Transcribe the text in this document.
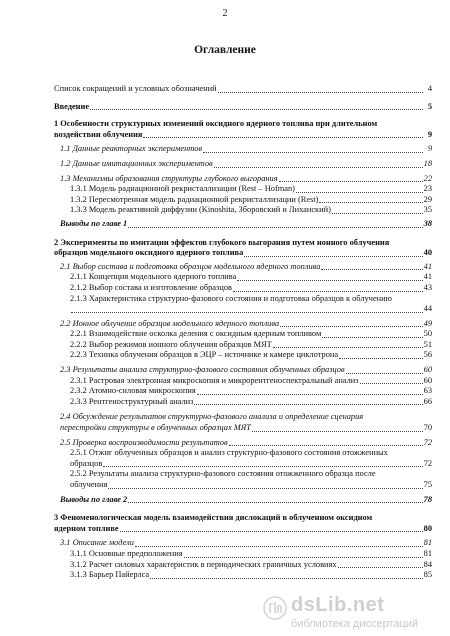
2
Оглавление
Список сокращений и условных обозначений	4
Введение	5
1 Особенности структурных изменений оксидного ядерного топлива при длительном
воздействии облучения	9
1.1 Данные реакторных экспериментов	9
1.2 Данные имитационных экспериментов	18
1.3 Механизмы образования структуры глубокого выгорания	22
1.3.1 Модель радиационной рекристаллизации (Rest – Hofman)	23
1.3.2 Пересмотренная модель радиационной рекристаллизации (Rest)	29
1.3.3 Модель реактивной диффузии (Kinoshita, Зборовский и Лиханский)	35
Выводы по главе 1	38
2 Эксперименты по имитации эффектов глубокого выгорания путем ионного облучения
образцов модельного оксидного ядерного топлива	40
2.1 Выбор состава и подготовка образцов модельного ядерного топлива	41
2.1.1 Концепция модельного ядерного топлива	41
2.1.2 Выбор состава и изготовление образцов	43
2.1.3 Характеристика структурно-фазового состояния и подготовка образцов к облучению
44
2.2 Ионное облучение образцов модельного ядерного топлива	49
2.2.1 Взаимодействие осколка деления с оксидным ядерным топливом	50
2.2.2 Выбор режимов ионного облучения образцов МЯТ	51
2.2.3 Техника облучения образцов в ЭЦР – источнике и камере циклотрона	56
2.3 Результаты анализа структурно-фазового состояния облученных образцов	60
2.3.1 Растровая электронная микроскопия и микрорентгеноспектральный анализ	60
2.3.2 Атомно-силовая микроскопия	63
2.3.3 Рентгеноструктурный анализ	66
2.4 Обсуждение результатов структурно-фазового анализа и определение сценария
перестройки структуры в облученных образцах МЯТ	70
2.5 Проверка воспроизводимости результатов	72
2.5.1 Отжиг облученных образцов и анализ структурно-фазового состояния отожженных
образцов	72
2.5.2 Результаты анализа структурно-фазового состояния отожженного образца после
облучения	75
Выводы по главе 2	78
3 Феноменологическая модель взаимодействия дислокаций в облученном оксидном
ядерном топливе	80
3.1 Описание модели	81
3.1.1 Основные предположения	81
3.1.2 Расчет силовых характеристик в периодических граничных условиях	84
3.1.3 Барьер Пайерлса	85
dsLib.net
библиотека диссертаций
